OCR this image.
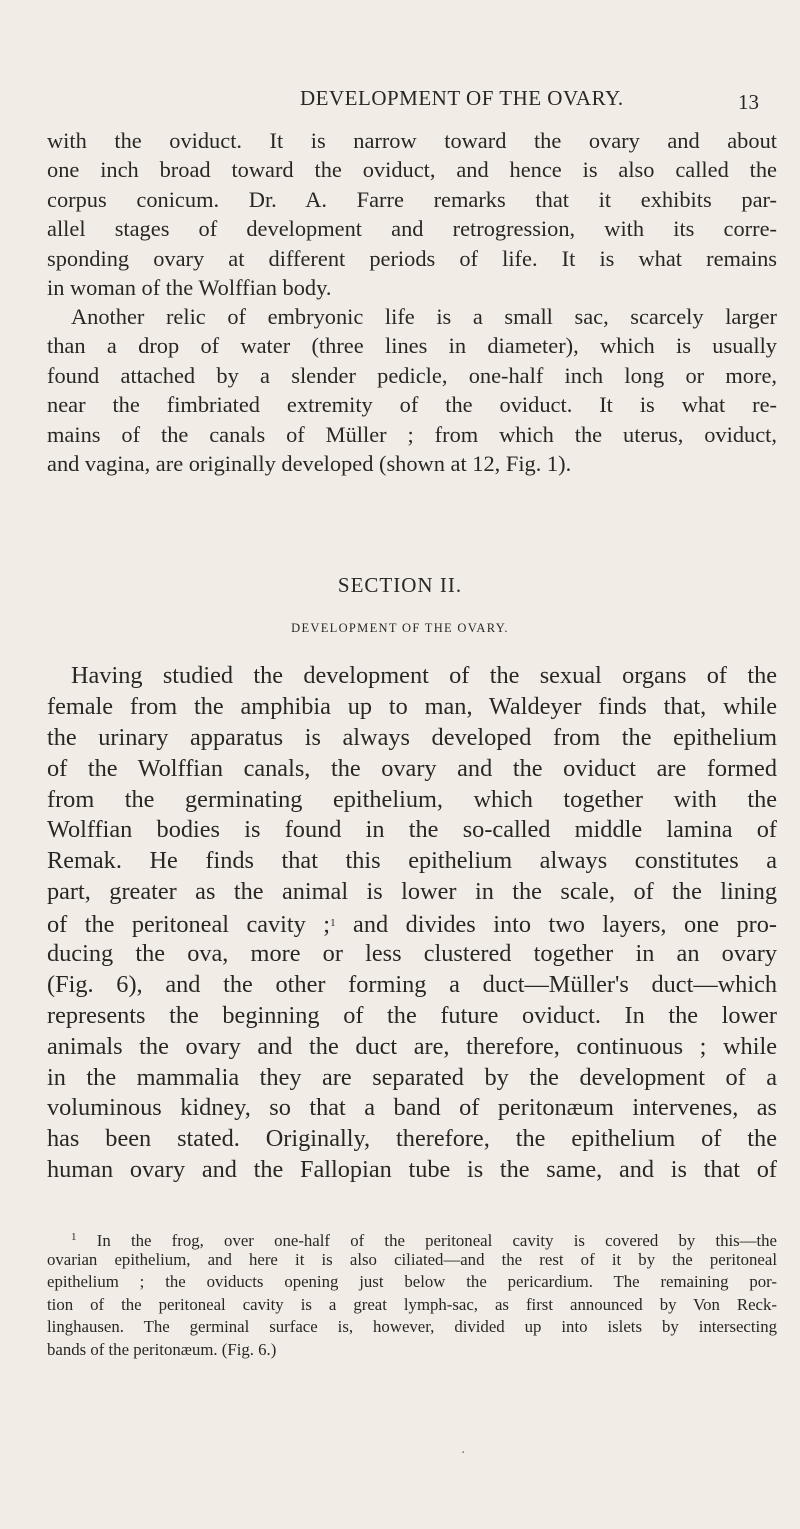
DEVELOPMENT OF THE OVARY.	13
with the oviduct. It is narrow toward the ovary and about
one inch broad toward the oviduct, and hence is also called the
corpus conicum. Dr. A. Farre remarks that it exhibits par-
allel stages of development and retrogression, with its corre-
sponding ovary at different periods of life. It is what remains
in woman of the Wolffian body.
Another relic of embryonic life is a small sac, scarcely larger
than a drop of water (three lines in diameter), which is usually
found attached by a slender pedicle, one-half inch long or more,
near the fimbriated extremity of the oviduct. It is what re-
mains of the canals of Müller ; from which the uterus, oviduct,
and vagina, are originally developed (shown at 12, Fig. 1).
SECTION II.
DEVELOPMENT OF THE OVARY.
Having studied the development of the sexual organs of the
female from the amphibia up to man, Waldeyer finds that, while
the urinary apparatus is always developed from the epithelium
of the Wolffian canals, the ovary and the oviduct are formed
from the germinating epithelium, which together with the
Wolffian bodies is found in the so-called middle lamina of
Remak. He finds that this epithelium always constitutes a
part, greater as the animal is lower in the scale, of the lining
of the peritoneal cavity ;$^1$ and divides into two layers, one pro-
ducing the ova, more or less clustered together in an ovary
(Fig. 6), and the other forming a duct—Müller's duct—which
represents the beginning of the future oviduct. In the lower
animals the ovary and the duct are, therefore, continuous ; while
in the mammalia they are separated by the development of a
voluminous kidney, so that a band of peritonæum intervenes, as
has been stated. Originally, therefore, the epithelium of the
human ovary and the Fallopian tube is the same, and is that of
$^1$ In the frog, over one-half of the peritoneal cavity is covered by this—the
ovarian epithelium, and here it is also ciliated—and the rest of it by the peritoneal
epithelium ; the oviducts opening just below the pericardium. The remaining por-
tion of the peritoneal cavity is a great lymph-sac, as first announced by Von Reck-
linghausen. The germinal surface is, however, divided up into islets by intersecting
bands of the peritonæum. (Fig. 6.)
·
